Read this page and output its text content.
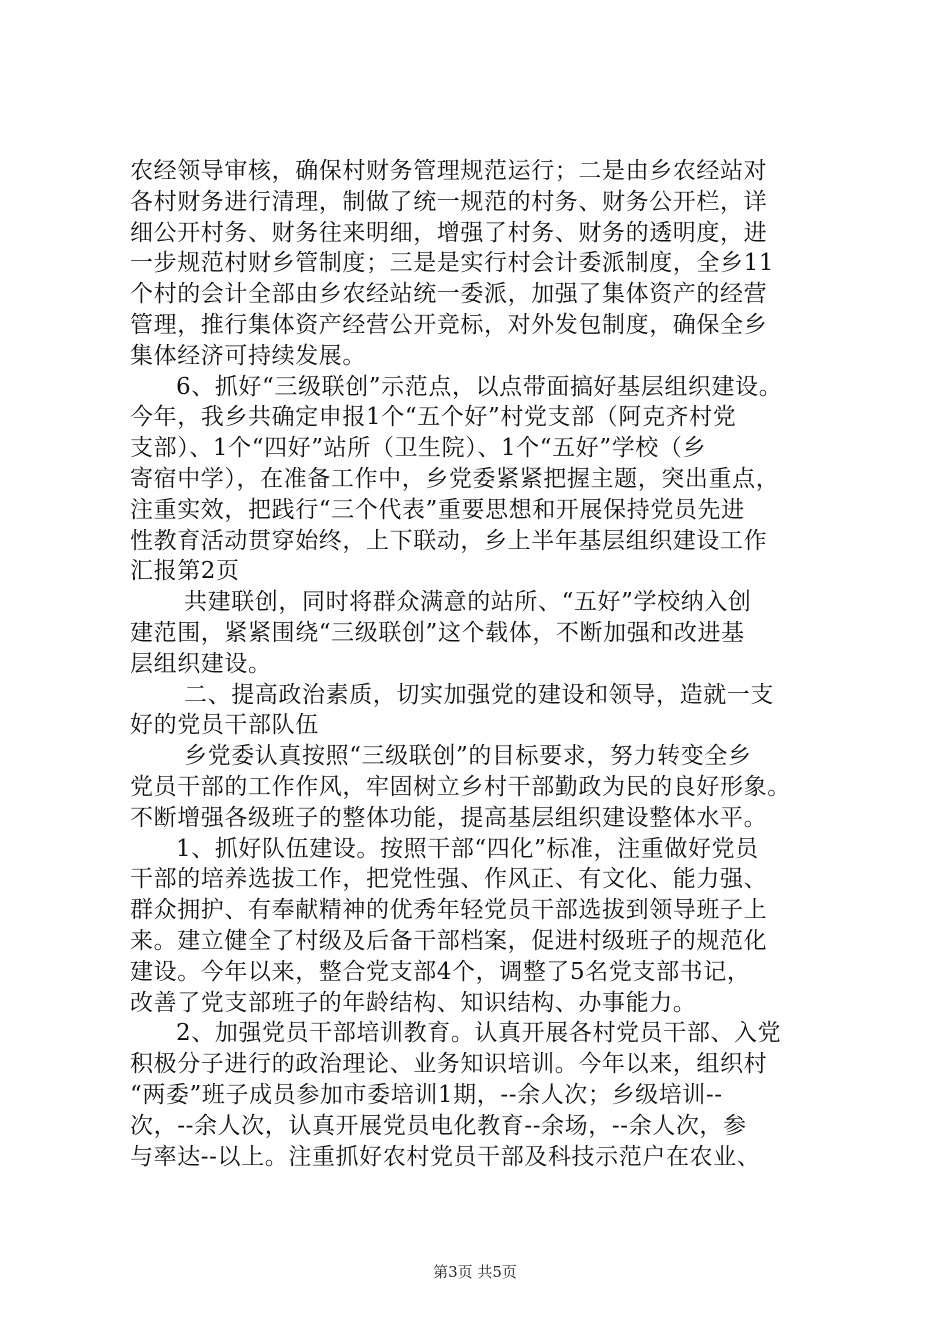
农经领导审核，确保村财务管理规范运行；二是由乡农经站对
各村财务进行清理，制做了统一规范的村务、财务公开栏，详
细公开村务、财务往来明细，增强了村务、财务的透明度，进
一步规范村财乡管制度；三是是实行村会计委派制度，全乡11
个村的会计全部由乡农经站统一委派，加强了集体资产的经营
管理，推行集体资产经营公开竞标，对外发包制度，确保全乡
集体经济可持续发展。
6、抓好“三级联创”示范点，以点带面搞好基层组织建设。
今年，我乡共确定申报1个“五个好”村党支部（阿克齐村党
支部）、1个“四好”站所（卫生院）、1个“五好”学校（乡
寄宿中学），在准备工作中，乡党委紧紧把握主题，突出重点，
注重实效，把践行“三个代表”重要思想和开展保持党员先进
性教育活动贯穿始终，上下联动，乡上半年基层组织建设工作
汇报第2页
共建联创，同时将群众满意的站所、“五好”学校纳入创
建范围，紧紧围绕“三级联创”这个载体，不断加强和改进基
层组织建设。
二、提高政治素质，切实加强党的建设和领导，造就一支
好的党员干部队伍
乡党委认真按照“三级联创”的目标要求，努力转变全乡
党员干部的工作作风，牢固树立乡村干部勤政为民的良好形象。
不断增强各级班子的整体功能，提高基层组织建设整体水平。
1、抓好队伍建设。按照干部“四化”标准，注重做好党员
干部的培养选拔工作，把党性强、作风正、有文化、能力强、
群众拥护、有奉献精神的优秀年轻党员干部选拔到领导班子上
来。建立健全了村级及后备干部档案，促进村级班子的规范化
建设。今年以来，整合党支部4个，调整了5名党支部书记，
改善了党支部班子的年龄结构、知识结构、办事能力。
2、加强党员干部培训教育。认真开展各村党员干部、入党
积极分子进行的政治理论、业务知识培训。今年以来，组织村
“两委”班子成员参加市委培训1期，--余人次；乡级培训--
次，--余人次，认真开展党员电化教育--余场，--余人次，参
与率达--以上。注重抓好农村党员干部及科技示范户在农业、
第3页 共5页
